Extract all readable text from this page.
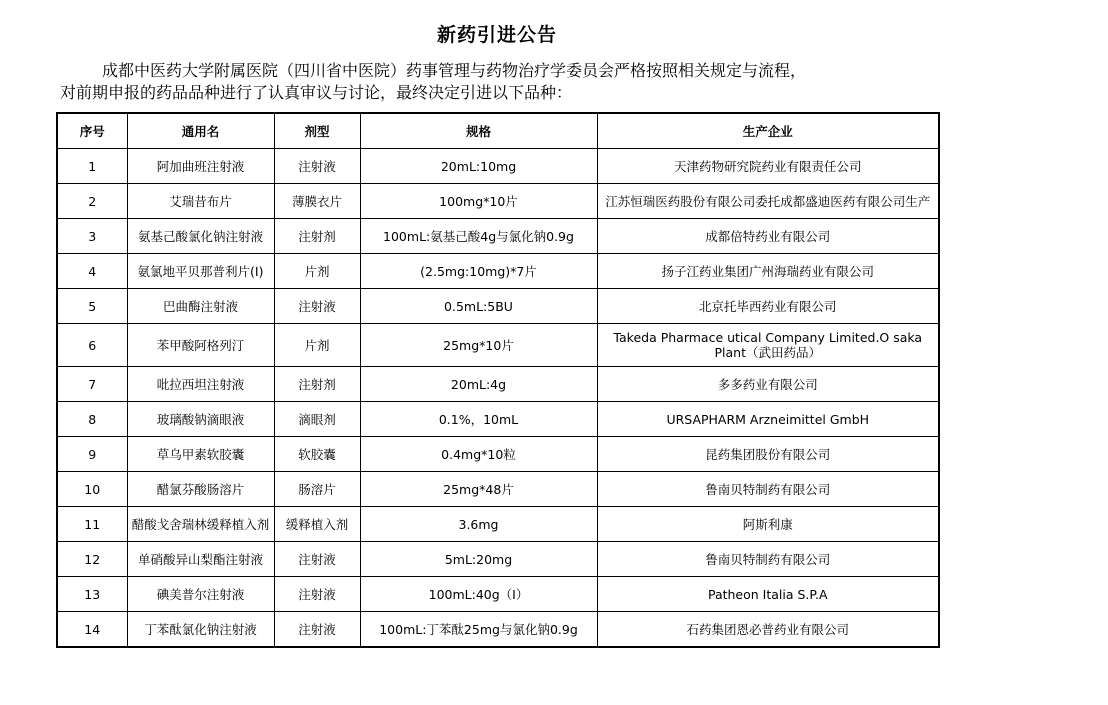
新药引进公告
成都中医药大学附属医院（四川省中医院）药事管理与药物治疗学委员会严格按照相关规定与流程，
对前期申报的药品品种进行了认真审议与讨论，最终决定引进以下品种：
序号	通用名	剂型	规格	生产企业
1	阿加曲班注射液	注射液	20mL:10mg	天津药物研究院药业有限责任公司
2	艾瑞昔布片	薄膜衣片	100mg*10片	江苏恒瑞医药股份有限公司委托成都盛迪医药有限公司生产
3	氨基己酸氯化钠注射液	注射剂	100mL:氨基己酸4g与氯化钠0.9g	成都倍特药业有限公司
4	氨氯地平贝那普利片(Ⅰ)	片剂	(2.5mg:10mg)*7片	扬子江药业集团广州海瑞药业有限公司
5	巴曲酶注射液	注射液	0.5mL:5BU	北京托毕西药业有限公司
6	苯甲酸阿格列汀	片剂	25mg*10片	Takeda Pharmace utical Company Limited.O saka Plant（武田药品）
7	吡拉西坦注射液	注射剂	20mL:4g	多多药业有限公司
8	玻璃酸钠滴眼液	滴眼剂	0.1%，10mL	URSAPHARM Arzneimittel GmbH
9	草乌甲素软胶囊	软胶囊	0.4mg*10粒	昆药集团股份有限公司
10	醋氯芬酸肠溶片	肠溶片	25mg*48片	鲁南贝特制药有限公司
11	醋酸戈舍瑞林缓释植入剂	缓释植入剂	3.6mg	阿斯利康
12	单硝酸异山梨酯注射液	注射液	5mL:20mg	鲁南贝特制药有限公司
13	碘美普尔注射液	注射液	100mL:40g（I）	Patheon Italia S.P.A
14	丁苯酞氯化钠注射液	注射液	100mL:丁苯酞25mg与氯化钠0.9g	石药集团恩必普药业有限公司
